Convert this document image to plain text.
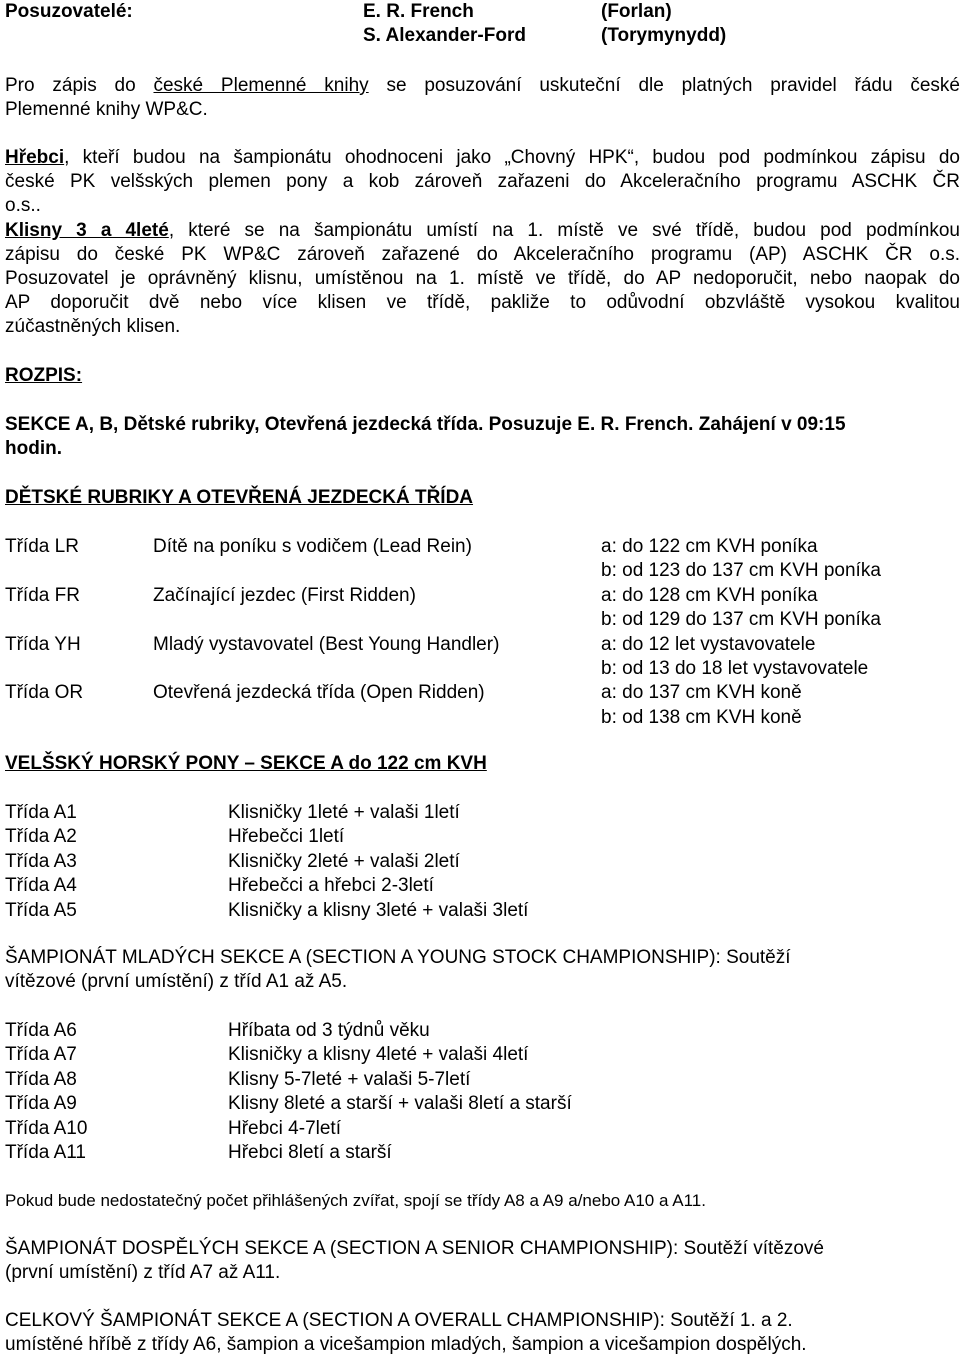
Posuzovatelé:	E. R. French	(Forlan)
S. Alexander-Ford	(Torymynydd)
Pro zápis do české Plemenné knihy se posuzování uskuteční dle platných pravidel řádu české
Plemenné knihy WP&C.
Hřebci, kteří budou na šampionátu ohodnoceni jako „Chovný HPK“, budou pod podmínkou zápisu do
české PK velšských plemen pony a kob zároveň zařazeni do Akceleračního programu ASCHK ČR
o.s..
Klisny 3 a 4leté, které se na šampionátu umístí na 1. místě ve své třídě, budou pod podmínkou
zápisu do české PK WP&C zároveň zařazené do Akceleračního programu (AP) ASCHK ČR o.s.
Posuzovatel je oprávněný klisnu, umístěnou na 1. místě ve třídě, do AP nedoporučit, nebo naopak do
AP doporučit dvě nebo více klisen ve třídě, pakliže to odůvodní obzvláště vysokou kvalitou
zúčastněných klisen.
ROZPIS:
SEKCE A, B, Dětské rubriky, Otevřená jezdecká třída. Posuzuje E. R. French. Zahájení v 09:15
hodin.
DĚTSKÉ RUBRIKY A OTEVŘENÁ JEZDECKÁ TŘÍDA
Třída LR	Dítě na poníku s vodičem (Lead Rein)	a: do 122 cm KVH poníka
b: od 123 do 137 cm KVH poníka
Třída FR	Začínající jezdec (First Ridden)	a: do 128 cm KVH poníka
b: od 129 do 137 cm KVH poníka
Třída YH	Mladý vystavovatel (Best Young Handler)	a: do 12 let vystavovatele
b: od 13 do 18 let vystavovatele
Třída OR	Otevřená jezdecká třída (Open Ridden)	a: do 137 cm KVH koně
b: od 138 cm KVH koně
VELŠSKÝ HORSKÝ PONY – SEKCE A do 122 cm KVH
Třída A1	Klisničky 1leté + valaši 1letí
Třída A2	Hřebečci 1letí
Třída A3	Klisničky 2leté + valaši 2letí
Třída A4	Hřebečci a hřebci 2-3letí
Třída A5	Klisničky a klisny 3leté + valaši 3letí
ŠAMPIONÁT MLADÝCH SEKCE A (SECTION A YOUNG STOCK CHAMPIONSHIP): Soutěží
vítězové (první umístění) z tříd A1 až A5.
Třída A6	Hříbata od 3 týdnů věku
Třída A7	Klisničky a klisny 4leté + valaši 4letí
Třída A8	Klisny 5-7leté + valaši 5-7letí
Třída A9	Klisny 8leté a starší + valaši 8letí a starší
Třída A10	Hřebci 4-7letí
Třída A11	Hřebci 8letí a starší
Pokud bude nedostatečný počet přihlášených zvířat, spojí se třídy A8 a A9 a/nebo A10 a A11.
ŠAMPIONÁT DOSPĚLÝCH SEKCE A (SECTION A SENIOR CHAMPIONSHIP): Soutěží vítězové
(první umístění) z tříd A7 až A11.
CELKOVÝ ŠAMPIONÁT SEKCE A (SECTION A OVERALL CHAMPIONSHIP): Soutěží 1. a 2.
umístěné hříbě z třídy A6, šampion a vicešampion mladých, šampion a vicešampion dospělých.
